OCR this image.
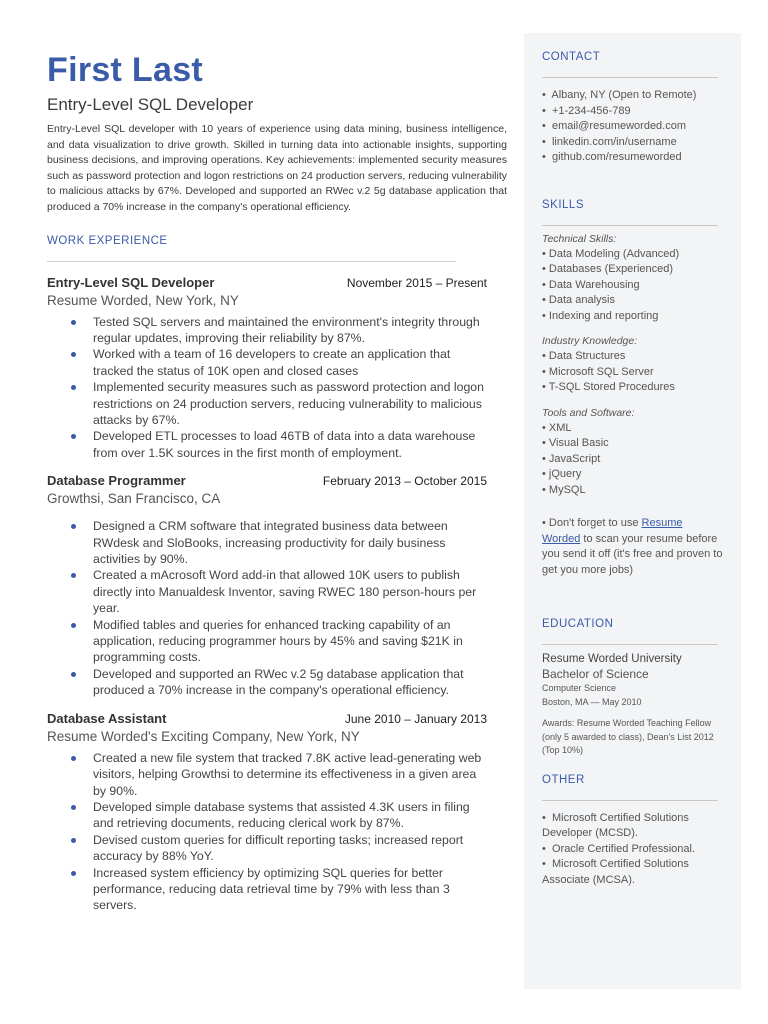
First Last
Entry-Level SQL Developer

Entry-Level SQL developer with 10 years of experience using data mining, business intelligence, and data visualization to drive growth. Skilled in turning data into actionable insights, supporting business decisions, and improving operations. Key achievements: implemented security measures such as password protection and logon restrictions on 24 production servers, reducing vulnerability to malicious attacks by 67%. Developed and supported an RWec v.2 5g database application that produced a 70% increase in the company's operational efficiency.

WORK EXPERIENCE
Entry-Level SQL Developer	November 2015 – Present
Resume Worded, New York, NY
Tested SQL servers and maintained the environment's integrity through regular updates, improving their reliability by 87%.
Worked with a team of 16 developers to create an application that tracked the status of 10K open and closed cases
Implemented security measures such as password protection and logon restrictions on 24 production servers, reducing vulnerability to malicious attacks by 67%.
Developed ETL processes to load 46TB of data into a data warehouse from over 1.5K sources in the first month of employment.
Database Programmer	February 2013 – October 2015
Growthsi, San Francisco, CA
Designed a CRM software that integrated business data between RWdesk and SloBooks, increasing productivity for daily business activities by 90%.
Created a mAcrosoft Word add-in that allowed 10K users to publish directly into Manualdesk Inventor, saving RWEC 180 person-hours per year.
Modified tables and queries for enhanced tracking capability of an application, reducing programmer hours by 45% and saving $21K in programming costs.
Developed and supported an RWec v.2 5g database application that produced a 70% increase in the company's operational efficiency.
Database Assistant	June 2010 – January 2013
Resume Worded's Exciting Company, New York, NY
Created a new file system that tracked 7.8K active lead-generating web visitors, helping Growthsi to determine its effectiveness in a given area by 90%.
Developed simple database systems that assisted 4.3K users in filing and retrieving documents, reducing clerical work by 87%.
Devised custom queries for difficult reporting tasks; increased report accuracy by 88% YoY.
Increased system efficiency by optimizing SQL queries for better performance, reducing data retrieval time by 79% with less than 3 servers.
CONTACT
•  Albany, NY (Open to Remote)
•  +1-234-456-789
•  email@resumeworded.com
•  linkedin.com/in/username
•  github.com/resumeworded
SKILLS
Technical Skills:
• Data Modeling (Advanced)
• Databases (Experienced)
• Data Warehousing
• Data analysis
• Indexing and reporting
Industry Knowledge:
• Data Structures
• Microsoft SQL Server
• T-SQL Stored Procedures
Tools and Software:
• XML
• Visual Basic
• JavaScript
• jQuery
• MySQL

• Don't forget to use Resume Worded to scan your resume before you send it off (it's free and proven to get you more jobs)

EDUCATION
Resume Worded University
Bachelor of Science
Computer Science
Boston, MA — May 2010
Awards: Resume Worded Teaching Fellow (only 5 awarded to class), Dean's List 2012 (Top 10%)
OTHER
•  Microsoft Certified Solutions Developer (MCSD).
•  Oracle Certified Professional.
•  Microsoft Certified Solutions Associate (MCSA).
